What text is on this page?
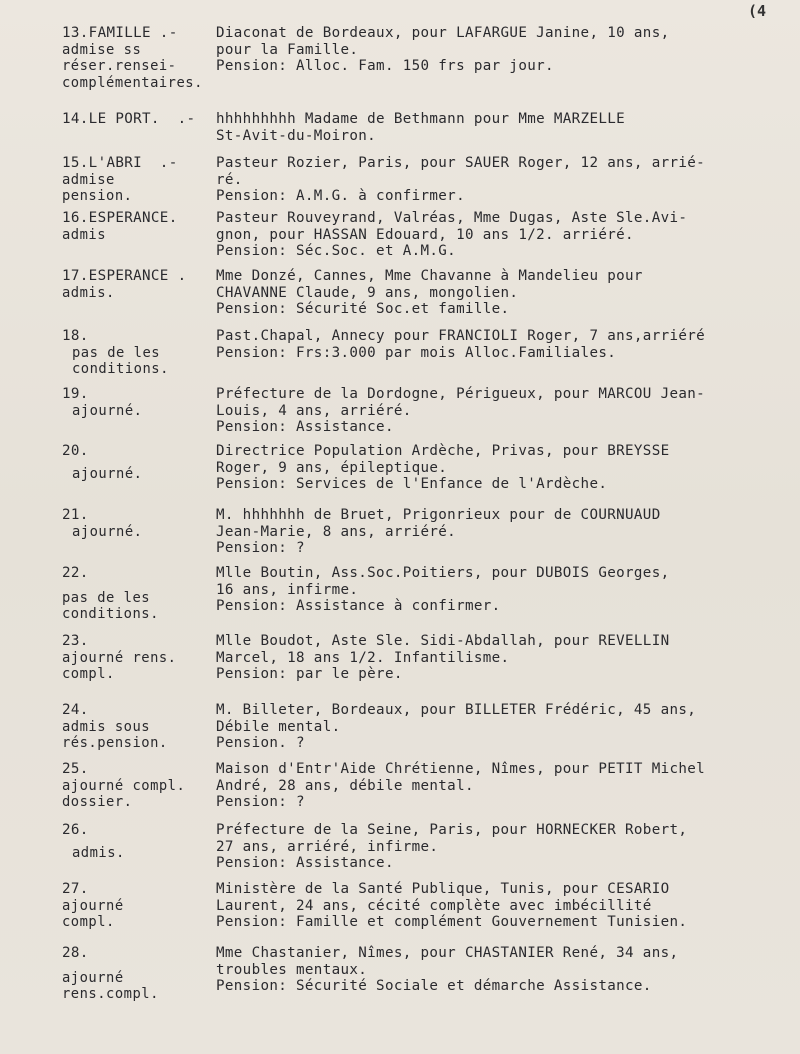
(4
13.FAMILLE .-
admise ss
réser.rensei-
complémentaires.
Diaconat de Bordeaux, pour LAFARGUE Janine, 10 ans,
pour la Famille.
Pension: Alloc. Fam. 150 frs par jour.
14.LE PORT.  .-	hhhhhhhhh Madame de Bethmann pour Mme MARZELLE
St-Avit-du-Moiron.
15.L'ABRI  .-
admise
pension.
Pasteur Rozier, Paris, pour SAUER Roger, 12 ans, arrié-
ré.
Pension: A.M.G. à confirmer.
16.ESPERANCE.
admis
Pasteur Rouveyrand, Valréas, Mme Dugas, Aste Sle.Avi-
gnon, pour HASSAN Edouard, 10 ans 1/2. arriéré.
Pension: Séc.Soc. et A.M.G.
17.ESPERANCE .
admis.
Mme Donzé, Cannes, Mme Chavanne à Mandelieu pour
CHAVANNE Claude, 9 ans, mongolien.
Pension: Sécurité Soc.et famille.
18.
pas de les
conditions.
Past.Chapal, Annecy pour FRANCIOLI Roger, 7 ans,arriéré
Pension: Frs:3.000 par mois Alloc.Familiales.
19.
ajourné.
Préfecture de la Dordogne, Périgueux, pour MARCOU Jean-
Louis, 4 ans, arriéré.
Pension: Assistance.
20.
ajourné.
Directrice Population Ardèche, Privas, pour BREYSSE
Roger, 9 ans, épileptique.
Pension: Services de l'Enfance de l'Ardèche.
21.
ajourné.
M. hhhhhhh de Bruet, Prigonrieux pour de COURNUAUD
Jean-Marie, 8 ans, arriéré.
Pension: ?
22.
pas de les
conditions.
Mlle Boutin, Ass.Soc.Poitiers, pour DUBOIS Georges,
16 ans, infirme.
Pension: Assistance à confirmer.
23.
ajourné rens.
compl.
Mlle Boudot, Aste Sle. Sidi-Abdallah, pour REVELLIN
Marcel, 18 ans 1/2. Infantilisme.
Pension: par le père.
24.
admis sous
rés.pension.
M. Billeter, Bordeaux, pour BILLETER Frédéric, 45 ans,
Débile mental.
Pension. ?
25.
ajourné compl.
dossier.
Maison d'Entr'Aide Chrétienne, Nîmes, pour PETIT Michel
André, 28 ans, débile mental.
Pension: ?
26.
admis.
Préfecture de la Seine, Paris, pour HORNECKER Robert,
27 ans, arriéré, infirme.
Pension: Assistance.
27.
ajourné
compl.
Ministère de la Santé Publique, Tunis, pour CESARIO
Laurent, 24 ans, cécité complète avec imbécillité
Pension: Famille et complément Gouvernement Tunisien.
28.
ajourné
rens.compl.
Mme Chastanier, Nîmes, pour CHASTANIER René, 34 ans,
troubles mentaux.
Pension: Sécurité Sociale et démarche Assistance.
